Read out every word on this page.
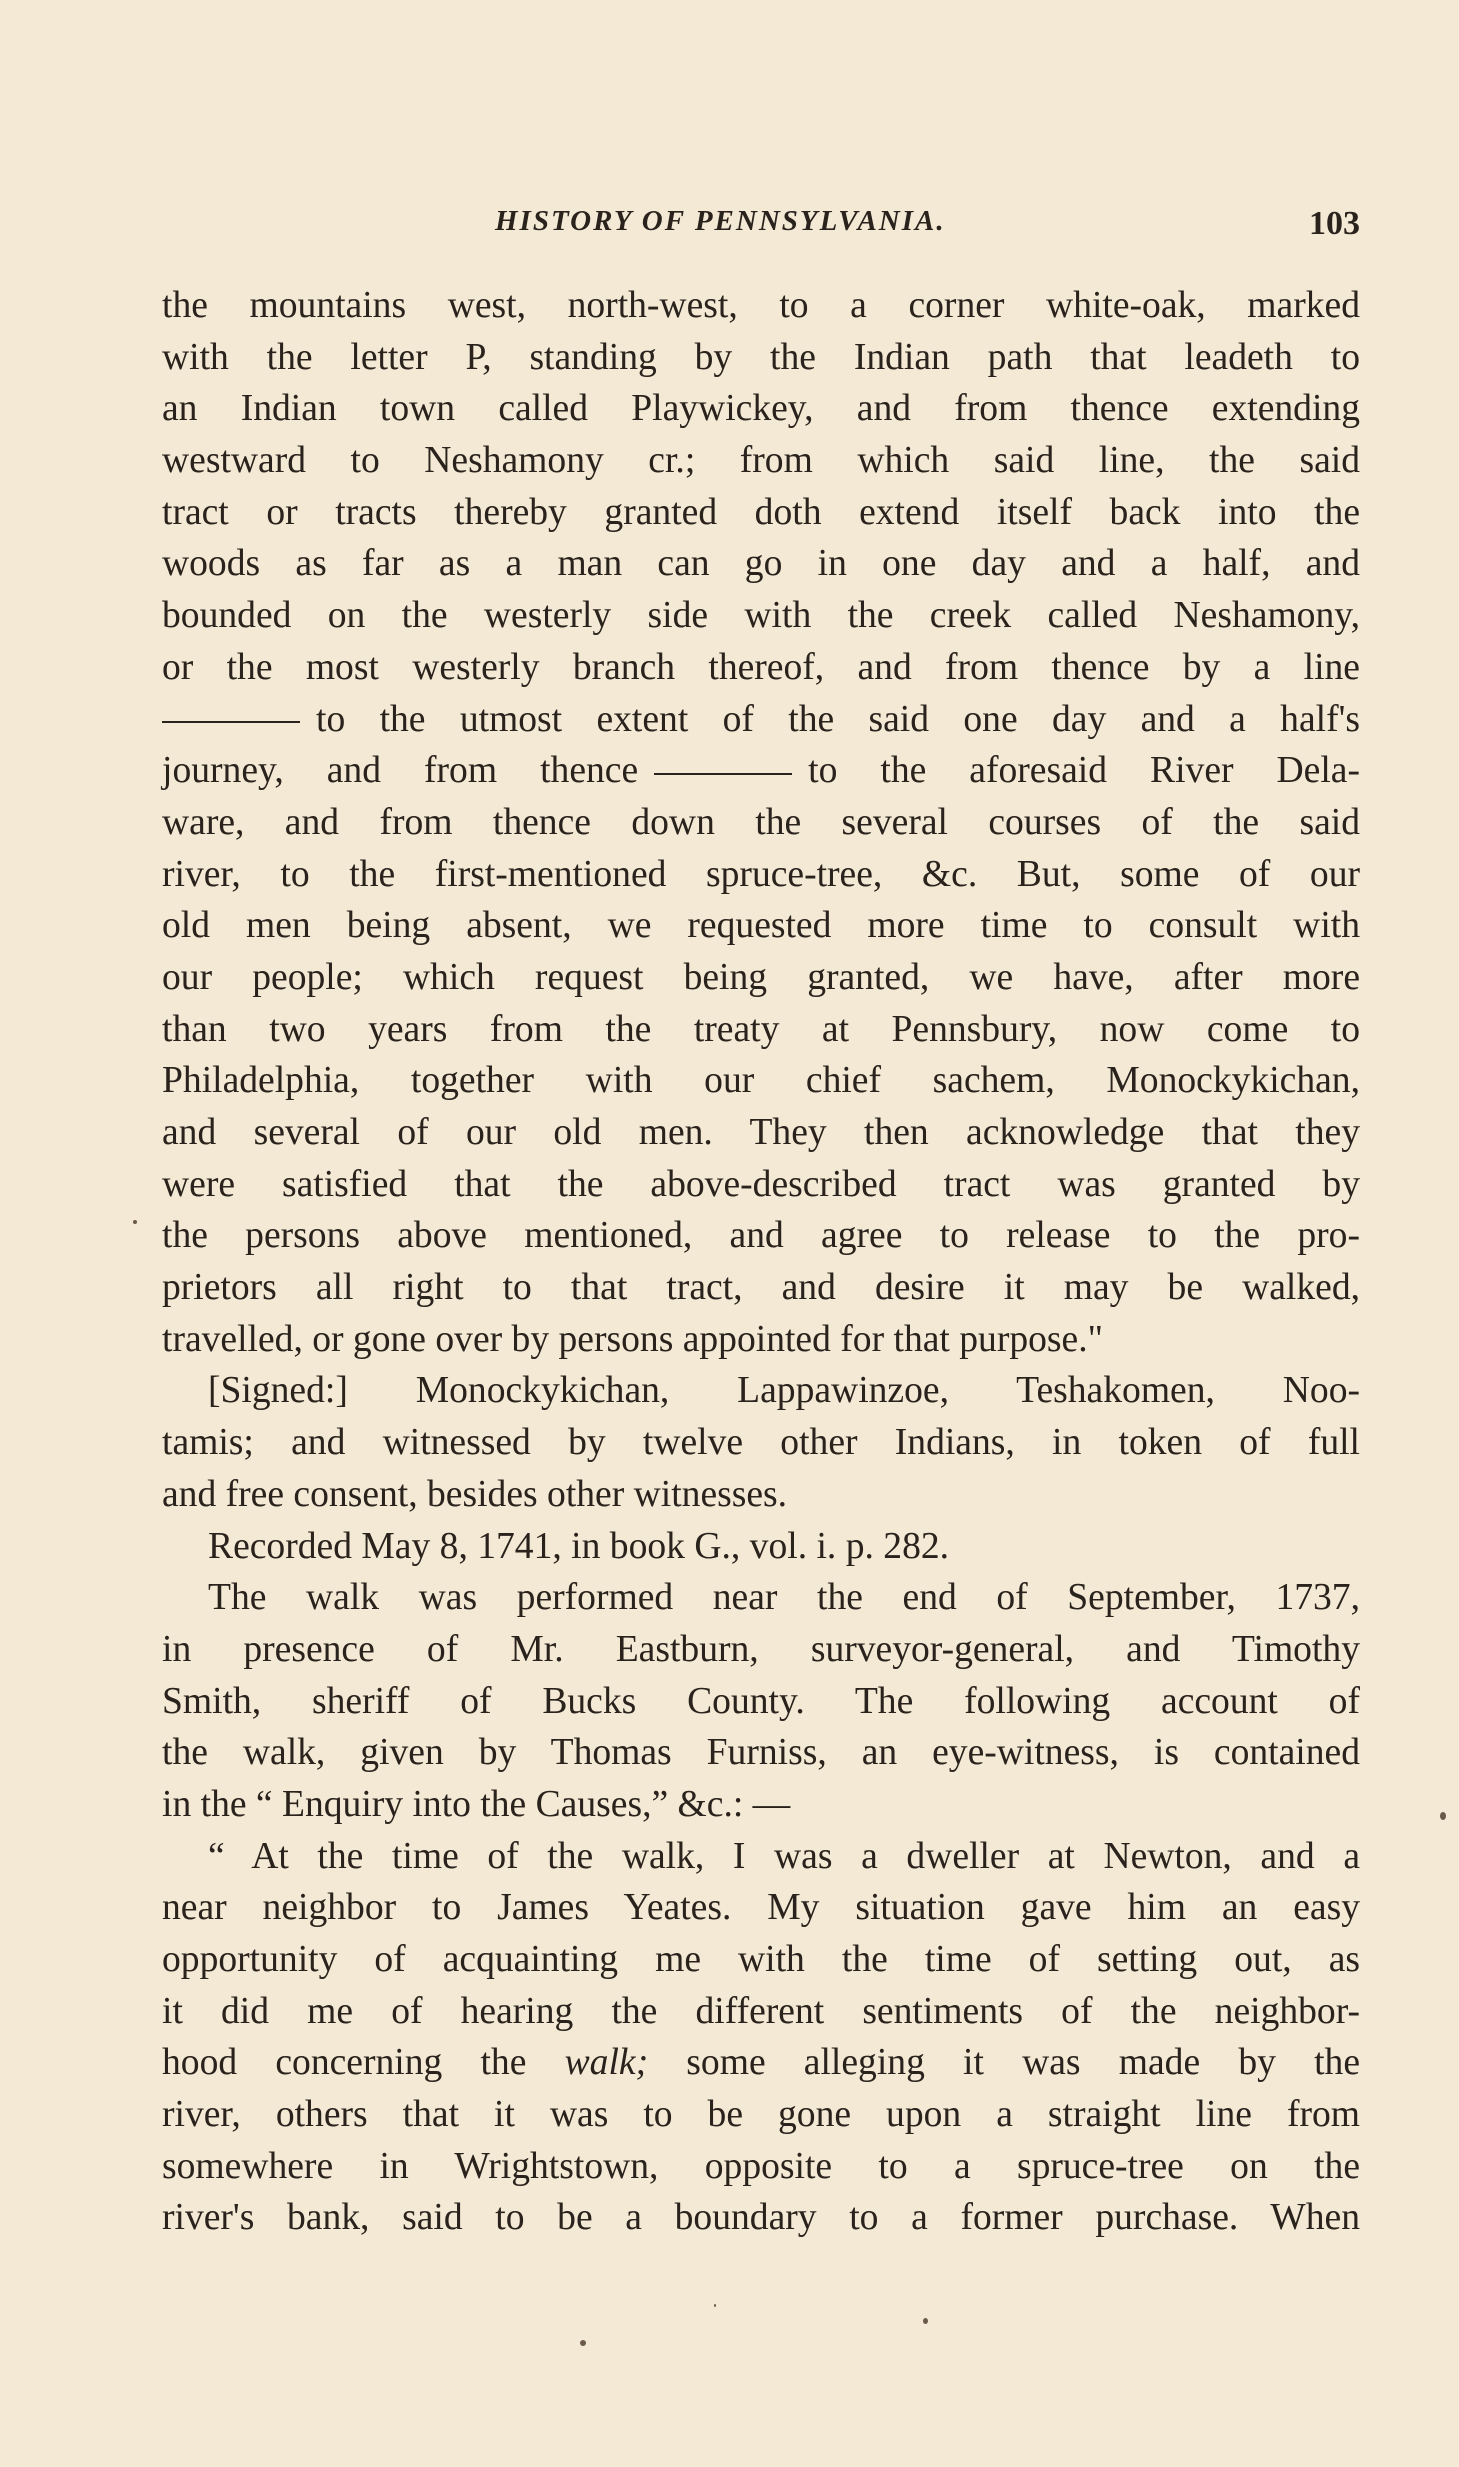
HISTORY OF PENNSYLVANIA.	103
the mountains west, north-west, to a corner white-oak, marked
with the letter P, standing by the Indian path that leadeth to
an Indian town called Playwickey, and from thence extending
westward to Neshamony cr.; from which said line, the said
tract or tracts thereby granted doth extend itself back into the
woods as far as a man can go in one day and a half, and
bounded on the westerly side with the creek called Neshamony,
or the most westerly branch thereof, and from thence by a line
to the utmost extent of the said one day and a half's
journey, and from thence	to the aforesaid River Dela-
ware, and from thence down the several courses of the said
river, to the first-mentioned spruce-tree, &c. But, some of our
old men being absent, we requested more time to consult with
our people; which request being granted, we have, after more
than two years from the treaty at Pennsbury, now come to
Philadelphia, together with our chief sachem, Monockykichan,
and several of our old men. They then acknowledge that they
were satisfied that the above-described tract was granted by
the persons above mentioned, and agree to release to the pro-
prietors all right to that tract, and desire it may be walked,
travelled, or gone over by persons appointed for that purpose."
[Signed:] Monockykichan, Lappawinzoe, Teshakomen, Noo-
tamis; and witnessed by twelve other Indians, in token of full
and free consent, besides other witnesses.
Recorded May 8, 1741, in book G., vol. i. p. 282.
The walk was performed near the end of September, 1737,
in presence of Mr. Eastburn, surveyor-general, and Timothy
Smith, sheriff of Bucks County. The following account of
the walk, given by Thomas Furniss, an eye-witness, is contained
in the “ Enquiry into the Causes,” &c.: —
“ At the time of the walk, I was a dweller at Newton, and a
near neighbor to James Yeates. My situation gave him an easy
opportunity of acquainting me with the time of setting out, as
it did me of hearing the different sentiments of the neighbor-
hood concerning the walk; some alleging it was made by the
river, others that it was to be gone upon a straight line from
somewhere in Wrightstown, opposite to a spruce-tree on the
river's bank, said to be a boundary to a former purchase. When
